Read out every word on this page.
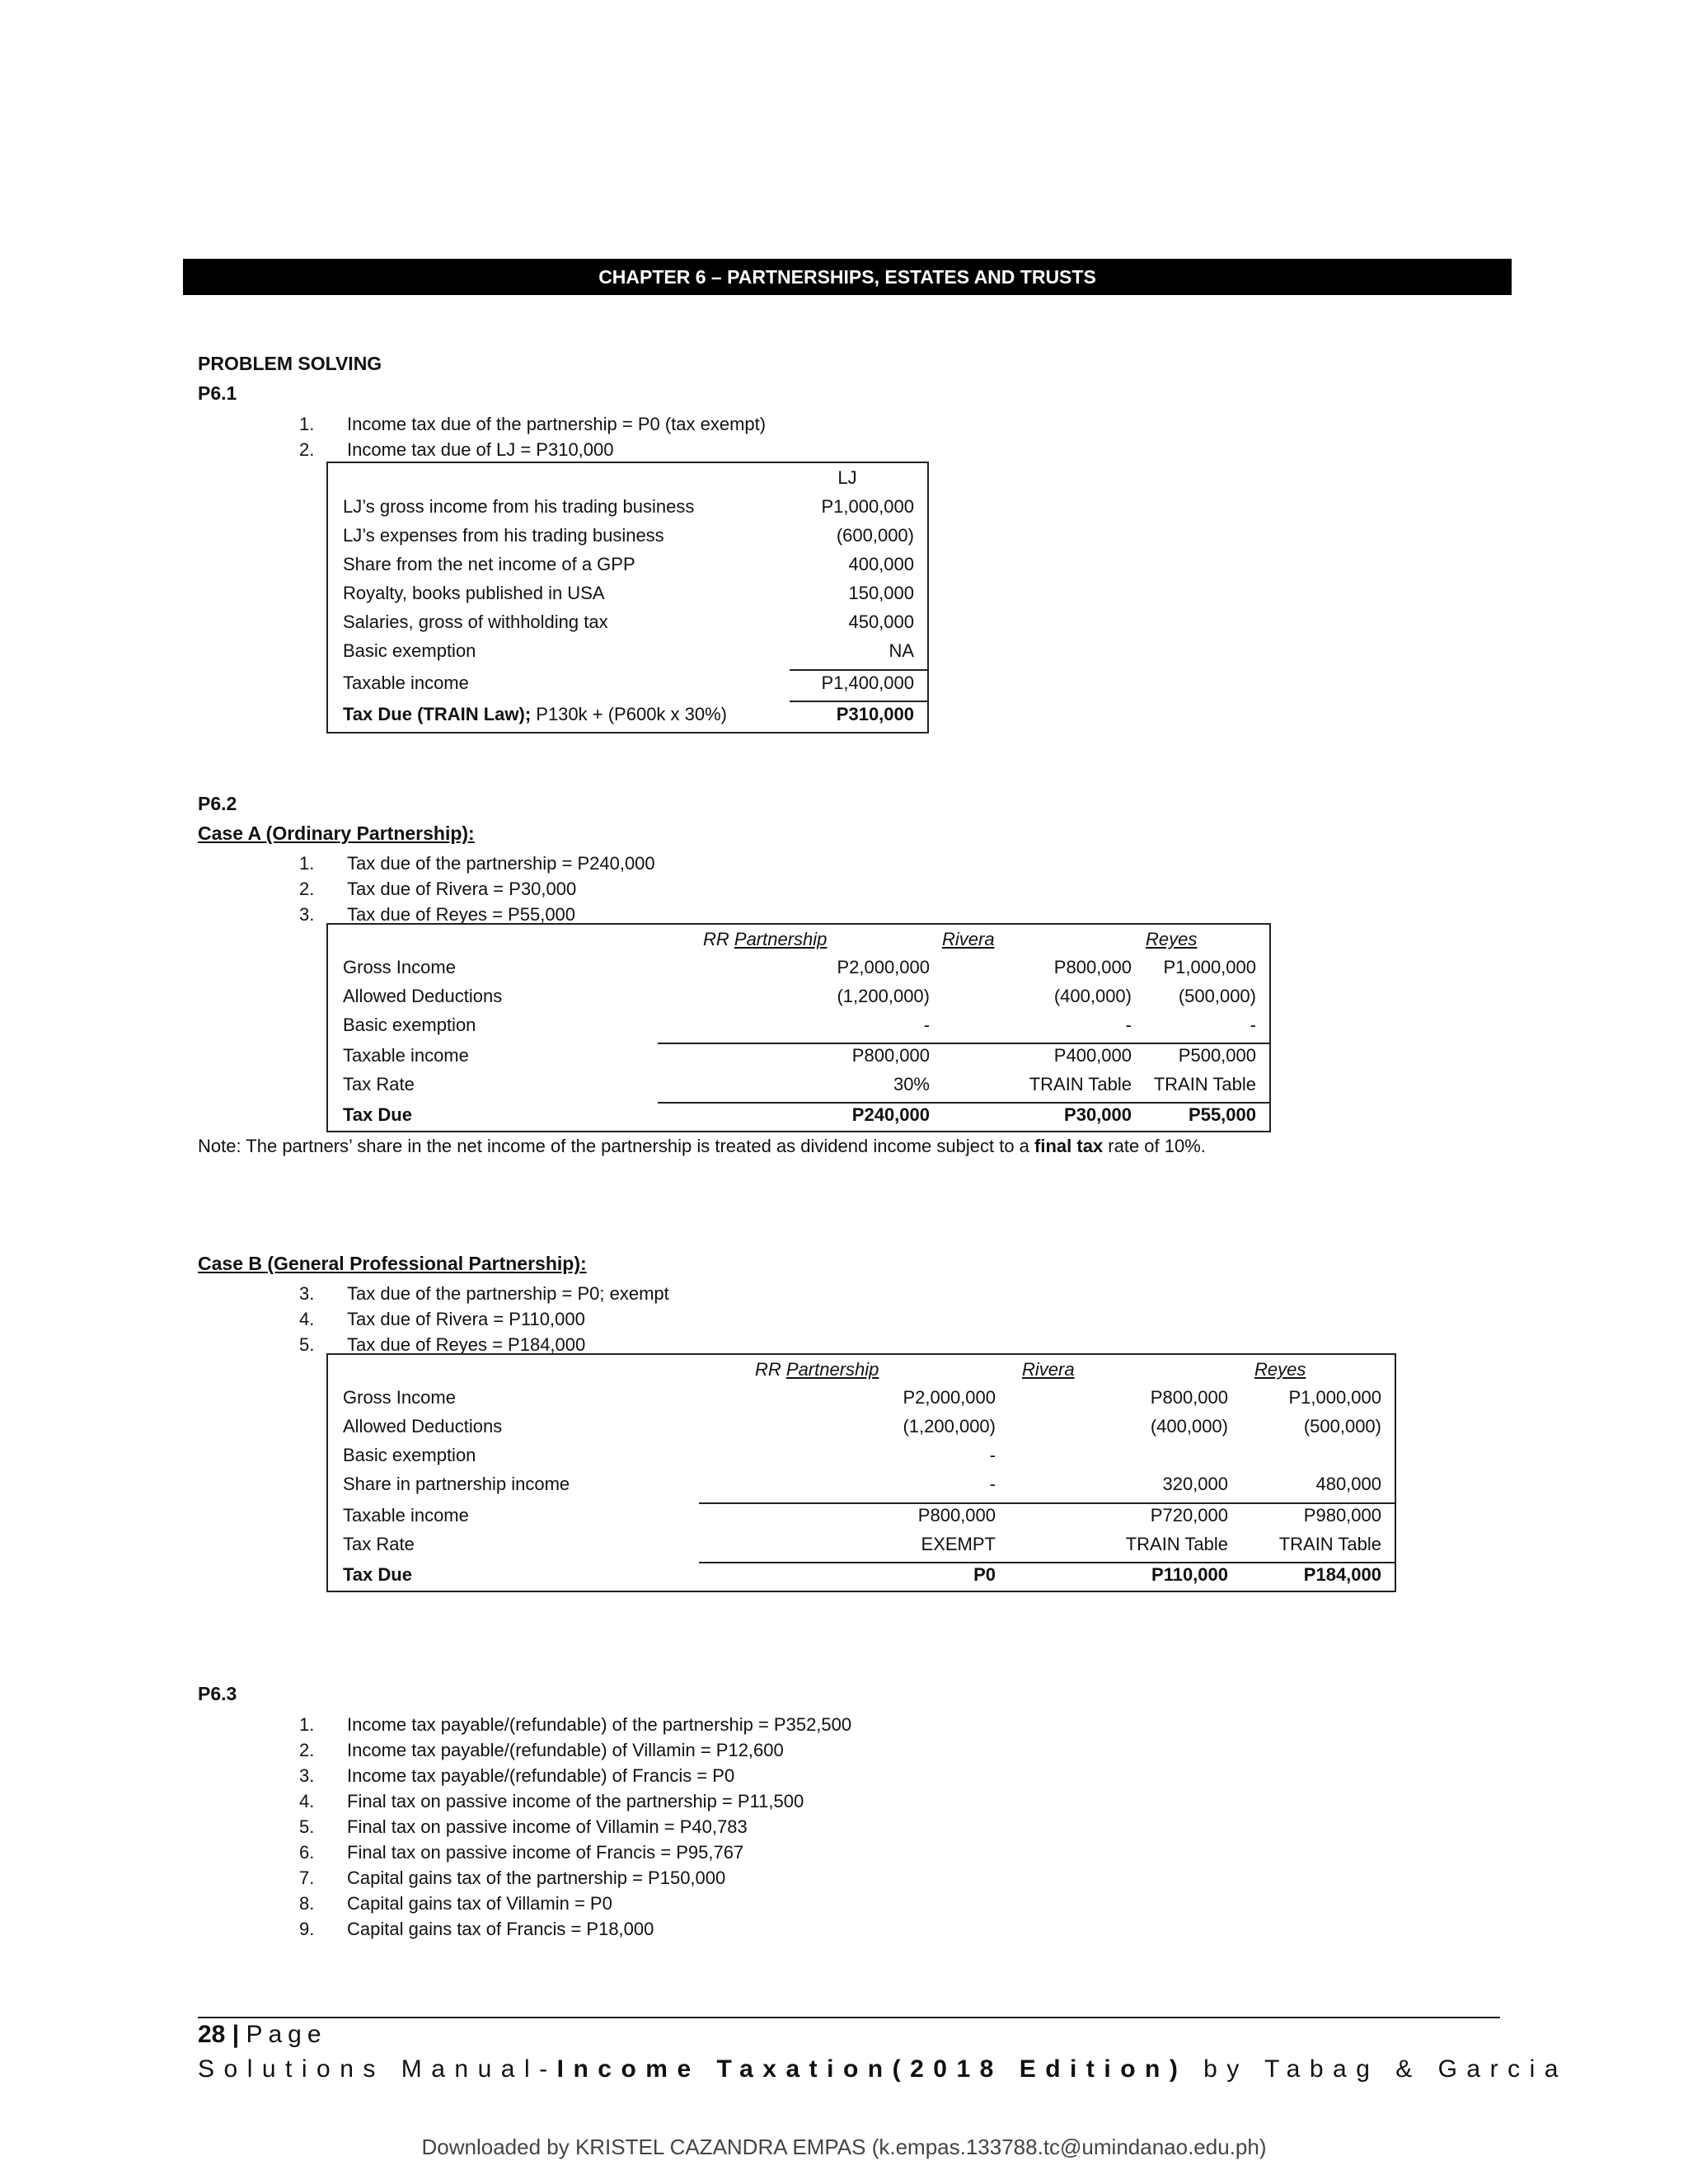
CHAPTER 6 – PARTNERSHIPS, ESTATES AND TRUSTS
PROBLEM SOLVING
P6.1
1.	Income tax due of the partnership = P0 (tax exempt)
2.	Income tax due of LJ = P310,000
LJ
LJ’s gross income from his trading business	P1,000,000
LJ’s expenses from his trading business	(600,000)
Share from the net income of a GPP	400,000
Royalty, books published in USA	150,000
Salaries, gross of withholding tax	450,000
Basic exemption	NA
Taxable income	P1,400,000
Tax Due (TRAIN Law); P130k + (P600k x 30%)	P310,000
P6.2
Case A (Ordinary Partnership):
1.	Tax due of the partnership = P240,000
2.	Tax due of Rivera = P30,000
3.	Tax due of Reyes = P55,000
RR Partnership	Rivera	Reyes
Gross Income	P2,000,000	P800,000	P1,000,000
Allowed Deductions	(1,200,000)	(400,000)	(500,000)
Basic exemption	-	-	-
Taxable income	P800,000	P400,000	P500,000
Tax Rate	30%	TRAIN Table	TRAIN Table
Tax Due	P240,000	P30,000	P55,000
Note: The partners’ share in the net income of the partnership is treated as dividend income subject to a final tax rate of 10%.
Case B (General Professional Partnership):
3.	Tax due of the partnership = P0; exempt
4.	Tax due of Rivera = P110,000
5.	Tax due of Reyes = P184,000
RR Partnership	Rivera	Reyes
Gross Income	P2,000,000	P800,000	P1,000,000
Allowed Deductions	(1,200,000)	(400,000)	(500,000)
Basic exemption	-
Share in partnership income	-	320,000	480,000
Taxable income	P800,000	P720,000	P980,000
Tax Rate	EXEMPT	TRAIN Table	TRAIN Table
Tax Due	P0	P110,000	P184,000
P6.3
1.	Income tax payable/(refundable) of the partnership = P352,500
2.	Income tax payable/(refundable) of Villamin = P12,600
3.	Income tax payable/(refundable) of Francis = P0
4.	Final tax on passive income of the partnership = P11,500
5.	Final tax on passive income of Villamin = P40,783
6.	Final tax on passive income of Francis = P95,767
7.	Capital gains tax of the partnership = P150,000
8.	Capital gains tax of Villamin = P0
9.	Capital gains tax of Francis = P18,000
28 | Page
Solutions Manual-Income Taxation(2018 Edition) by Tabag & Garcia
Downloaded by KRISTEL CAZANDRA EMPAS (k.empas.133788.tc@umindanao.edu.ph)
